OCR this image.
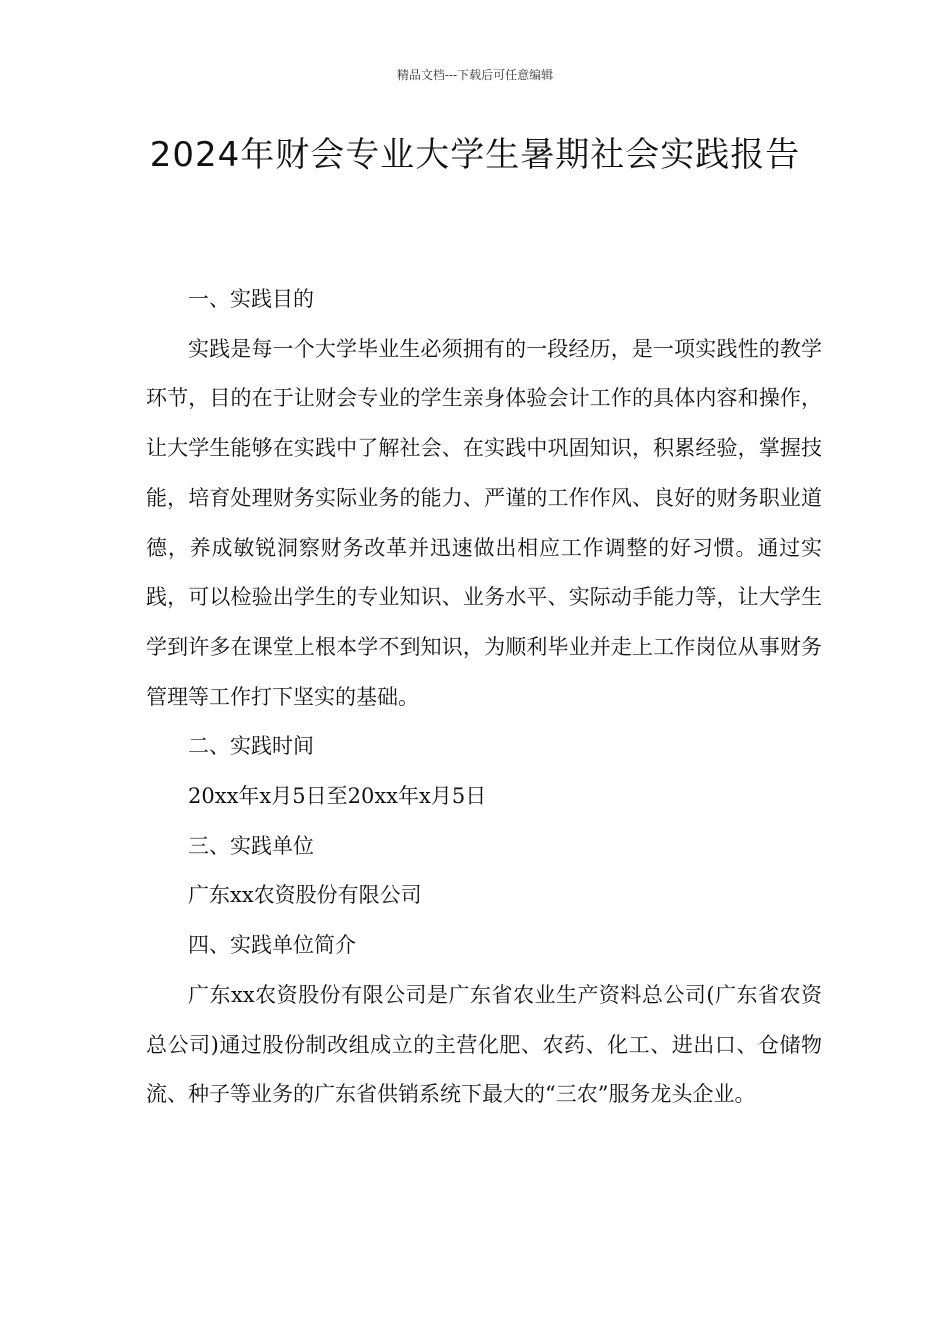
精品文档---下载后可任意编辑
2024年财会专业大学生暑期社会实践报告

一、实践目的

实践是每一个大学毕业生必须拥有的一段经历，是一项实践性的教学环节，目的在于让财会专业的学生亲身体验会计工作的具体内容和操作，让大学生能够在实践中了解社会、在实践中巩固知识，积累经验，掌握技能，培育处理财务实际业务的能力、严谨的工作作风、良好的财务职业道德，养成敏锐洞察财务改革并迅速做出相应工作调整的好习惯。通过实践，可以检验出学生的专业知识、业务水平、实际动手能力等，让大学生学到许多在课堂上根本学不到知识，为顺利毕业并走上工作岗位从事财务管理等工作打下坚实的基础。

二、实践时间

20xx年x月5日至20xx年x月5日

三、实践单位

广东xx农资股份有限公司

四、实践单位简介

广东xx农资股份有限公司是广东省农业生产资料总公司(广东省农资总公司)通过股份制改组成立的主营化肥、农药、化工、进出口、仓储物流、种子等业务的广东省供销系统下最大的“三农”服务龙头企业。
